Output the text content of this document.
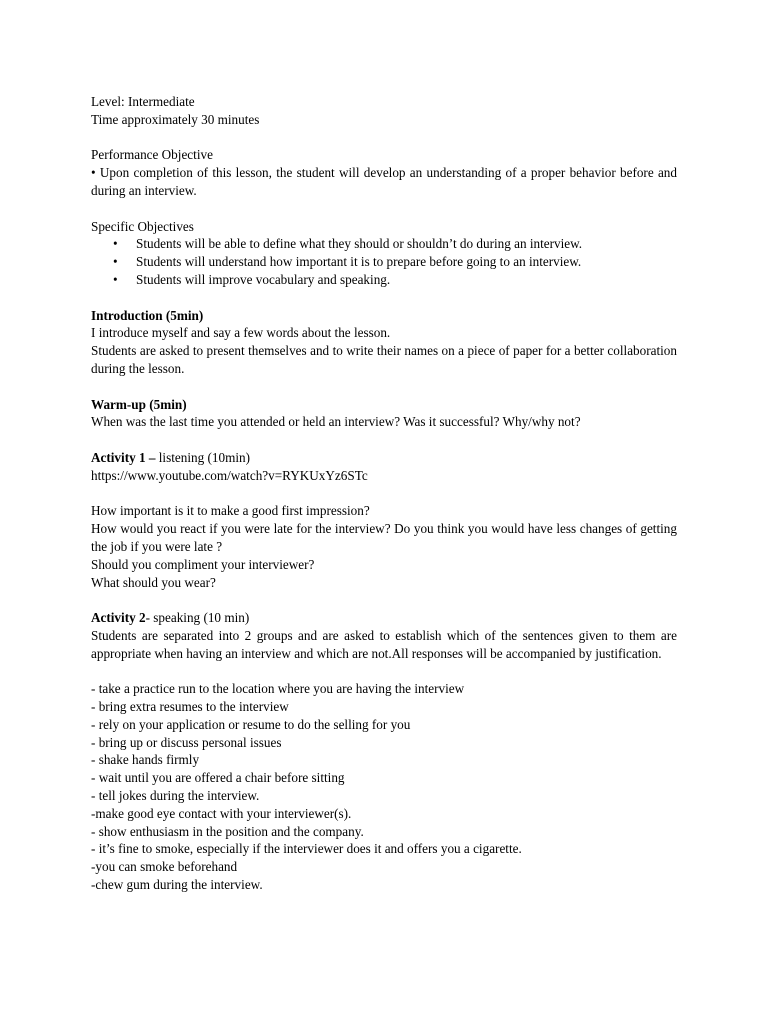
Level: Intermediate

Time approximately 30 minutes

Performance Objective

• Upon completion of this lesson, the student will develop an understanding of a proper behavior before and during an interview.

Specific Objectives

• Students will be able to define what they should or shouldn’t do during an interview.
• Students will understand how important it is to prepare before going to an interview.
• Students will improve vocabulary and speaking.

Introduction (5min)

I introduce myself and say a few words about the lesson.

Students are asked to present themselves and to write their names on a piece of paper for a better collaboration during the lesson.

Warm-up (5min)

When was the last time you attended or held an interview? Was it successful? Why/why not?

Activity 1 – listening (10min)

https://www.youtube.com/watch?v=RYKUxYz6STc

How important is it to make a good first impression?

How would you react if you were late for the interview? Do you think you would have less changes of getting the job if you were late ?

Should you compliment your interviewer?

What should you wear?

Activity 2- speaking (10 min)

Students are separated into 2 groups and are asked to establish which of the sentences given to them are appropriate when having an interview and which are not.All responses will be accompanied by justification.

- take a practice run to the location where you are having the interview

- bring extra resumes to the interview

- rely on your application or resume to do the selling for you

- bring up or discuss personal issues

- shake hands firmly

- wait until you are offered a chair before sitting

- tell jokes during the interview.

-make good eye contact with your interviewer(s).

- show enthusiasm in the position and the company.

- it’s fine to smoke, especially if the interviewer does it and offers you a cigarette.

-you can smoke beforehand

-chew gum during the interview.
